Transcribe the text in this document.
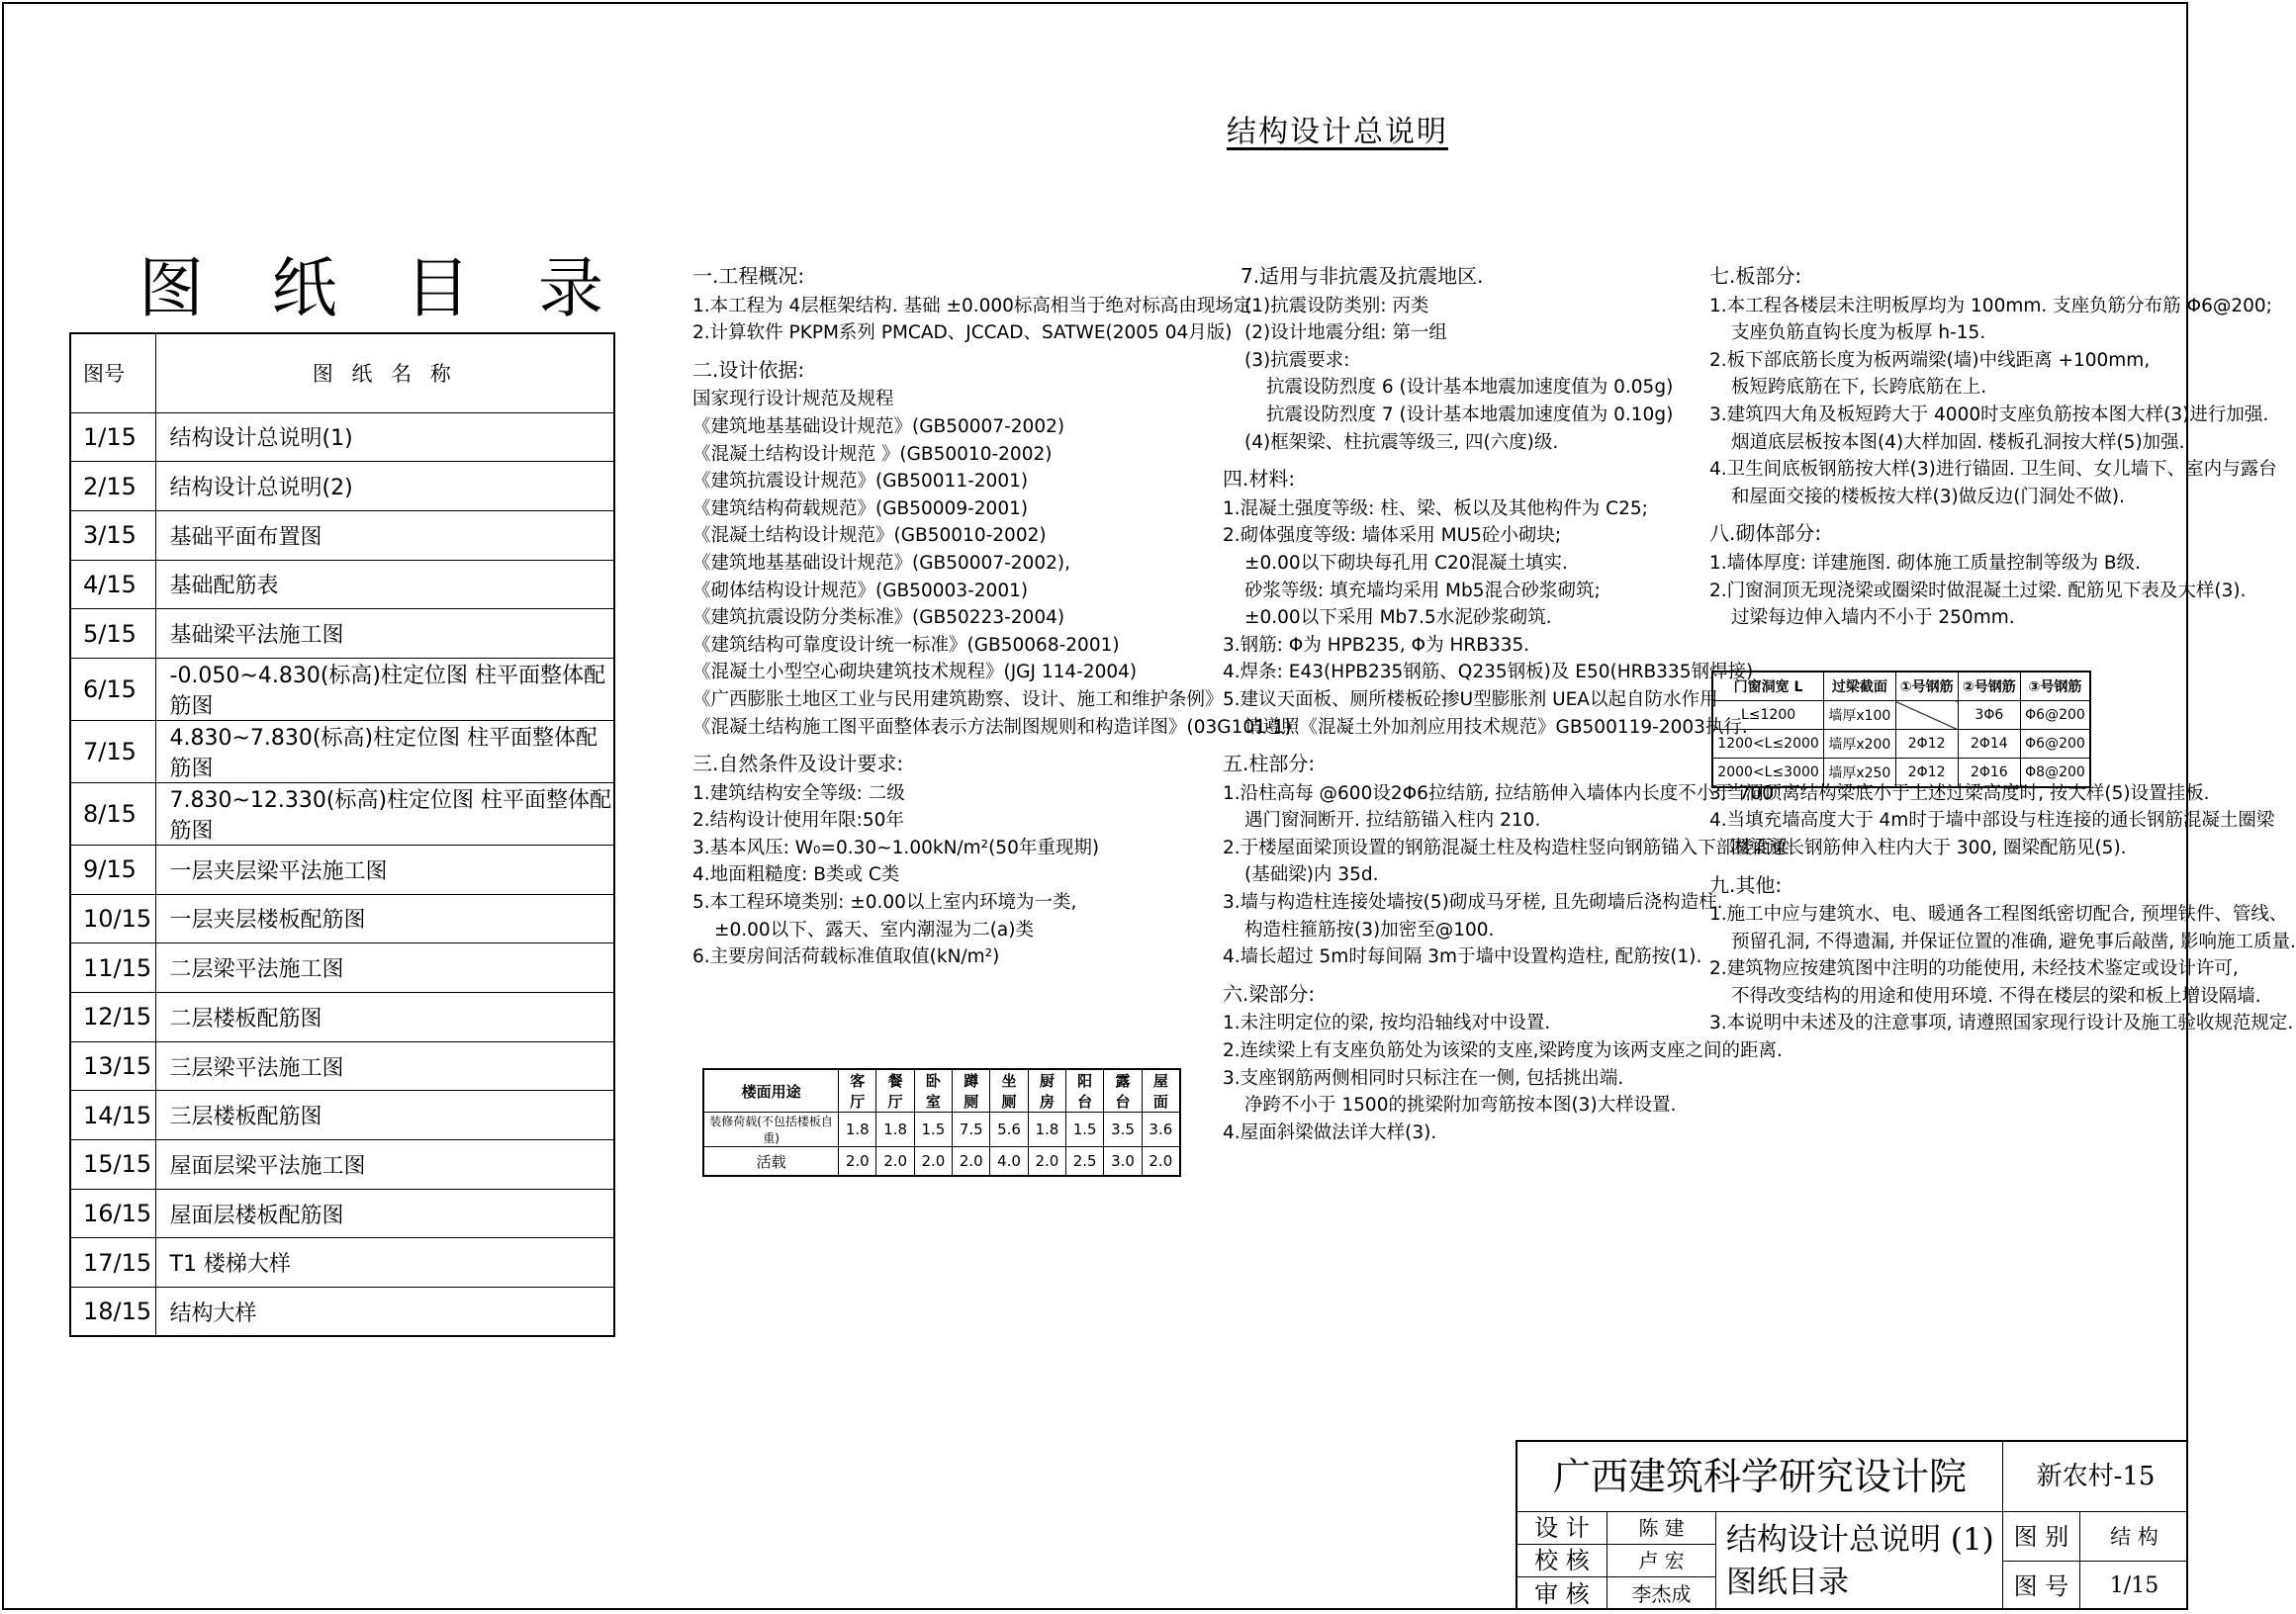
结构设计总说明
图 纸 目 录
图号	图 纸 名 称
1/15	结构设计总说明(1)
2/15	结构设计总说明(2)
3/15	基础平面布置图
4/15	基础配筋表
5/15	基础梁平法施工图
6/15	-0.050~4.830(标高)柱定位图 柱平面整体配筋图
7/15	4.830~7.830(标高)柱定位图 柱平面整体配筋图
8/15	7.830~12.330(标高)柱定位图 柱平面整体配筋图
9/15	一层夹层梁平法施工图
10/15	一层夹层楼板配筋图
11/15	二层梁平法施工图
12/15	二层楼板配筋图
13/15	三层梁平法施工图
14/15	三层楼板配筋图
15/15	屋面层梁平法施工图
16/15	屋面层楼板配筋图
17/15	T1 楼梯大样
18/15	结构大样
一.工程概况:
1.本工程为 4层框架结构. 基础 ±0.000标高相当于绝对标高由现场定.
2.计算软件 PKPM系列 PMCAD、JCCAD、SATWE(2005 04月版)
二.设计依据:
国家现行设计规范及规程
《建筑地基基础设计规范》(GB50007-2002)
《混凝土结构设计规范 》(GB50010-2002)
《建筑抗震设计规范》(GB50011-2001)
《建筑结构荷载规范》(GB50009-2001)
《混凝土结构设计规范》(GB50010-2002)
《建筑地基基础设计规范》(GB50007-2002),
《砌体结构设计规范》(GB50003-2001)
《建筑抗震设防分类标准》(GB50223-2004)
《建筑结构可靠度设计统一标准》(GB50068-2001)
《混凝土小型空心砌块建筑技术规程》(JGJ 114-2004)
《广西膨胀土地区工业与民用建筑勘察、设计、施工和维护条例》
《混凝土结构施工图平面整体表示方法制图规则和构造详图》(03G101-1)
三.自然条件及设计要求:
1.建筑结构安全等级: 二级
2.结构设计使用年限:50年
3.基本风压: W₀=0.30~1.00kN/m²(50年重现期)
4.地面粗糙度: B类或 C类
5.本工程环境类别: ±0.00以上室内环境为一类,
±0.00以下、露天、室内潮湿为二(a)类
6.主要房间活荷载标准值取值(kN/m²)
楼面用途	客厅	餐厅	卧室	蹲厕	坐厕	厨房	阳台	露台	屋面
装修荷载(不包括楼板自重)	1.8	1.8	1.5	7.5	5.6	1.8	1.5	3.5	3.6
活载	2.0	2.0	2.0	2.0	4.0	2.0	2.5	3.0	2.0
7.适用与非抗震及抗震地区.
(1)抗震设防类别: 丙类
(2)设计地震分组: 第一组
(3)抗震要求:
抗震设防烈度 6 (设计基本地震加速度值为 0.05g)
抗震设防烈度 7 (设计基本地震加速度值为 0.10g)
(4)框架梁、柱抗震等级三, 四(六度)级.
四.材料:
1.混凝土强度等级: 柱、梁、板以及其他构件为 C25;
2.砌体强度等级: 墙体采用 MU5砼小砌块;
±0.00以下砌块每孔用 C20混凝土填实.
砂浆等级: 填充墙均采用 Mb5混合砂浆砌筑;
±0.00以下采用 Mb7.5水泥砂浆砌筑.
3.钢筋: Φ为 HPB235, Φ为 HRB335.
4.焊条: E43(HPB235钢筋、Q235钢板)及 E50(HRB335钢焊接)
5.建议天面板、厕所楼板砼掺U型膨胀剂 UEA以起自防水作用
请遵照《混凝土外加剂应用技术规范》GB500119-2003执行.
五.柱部分:
1.沿柱高每 @600设2Φ6拉结筋, 拉结筋伸入墙体内长度不小于 700
遇门窗洞断开. 拉结筋锚入柱内 210.
2.于楼屋面梁顶设置的钢筋混凝土柱及构造柱竖向钢筋锚入下部楼面梁
(基础梁)内 35d.
3.墙与构造柱连接处墙按(5)砌成马牙槎, 且先砌墙后浇构造柱.
构造柱箍筋按(3)加密至@100.
4.墙长超过 5m时每间隔 3m于墙中设置构造柱, 配筋按(1).
六.梁部分:
1.未注明定位的梁, 按均沿轴线对中设置.
2.连续梁上有支座负筋处为该梁的支座,梁跨度为该两支座之间的距离.
3.支座钢筋两侧相同时只标注在一侧, 包括挑出端.
净跨不小于 1500的挑梁附加弯筋按本图(3)大样设置.
4.屋面斜梁做法详大样(3).
七.板部分:
1.本工程各楼层未注明板厚均为 100mm. 支座负筋分布筋 Φ6@200;
支座负筋直钩长度为板厚 h-15.
2.板下部底筋长度为板两端梁(墙)中线距离 +100mm,
板短跨底筋在下, 长跨底筋在上.
3.建筑四大角及板短跨大于 4000时支座负筋按本图大样(3)进行加强.
烟道底层板按本图(4)大样加固. 楼板孔洞按大样(5)加强.
4.卫生间底板钢筋按大样(3)进行锚固. 卫生间、女儿墙下、室内与露台
和屋面交接的楼板按大样(3)做反边(门洞处不做).
八.砌体部分:
1.墙体厚度: 详建施图. 砌体施工质量控制等级为 B级.
2.门窗洞顶无现浇梁或圈梁时做混凝土过梁. 配筋见下表及大样(3).
过梁每边伸入墙内不小于 250mm.
3.当洞顶离结构梁底小于上述过梁高度时, 按大样(5)设置挂板.
4.当填充墙高度大于 4m时于墙中部设与柱连接的通长钢筋混凝土圈梁
圈梁通长钢筋伸入柱内大于 300, 圈梁配筋见(5).
九.其他:
1.施工中应与建筑水、电、暖通各工程图纸密切配合, 预埋铁件、管线、
预留孔洞, 不得遗漏, 并保证位置的准确, 避免事后敲凿, 影响施工质量.
2.建筑物应按建筑图中注明的功能使用, 未经技术鉴定或设计许可,
不得改变结构的用途和使用环境. 不得在楼层的梁和板上增设隔墙.
3.本说明中未述及的注意事项, 请遵照国家现行设计及施工验收规范规定.
门窗洞宽 L	过梁截面	①号钢筋	②号钢筋	③号钢筋
L≤1200	墙厚x100		3Φ6	Φ6@200
1200<L≤2000	墙厚x200	2Φ12	2Φ14	Φ6@200
2000<L≤3000	墙厚x250	2Φ12	2Φ16	Φ8@200
广西建筑科学研究设计院	新农村-15
设 计	陈 建
校 核	卢 宏
审 核	李杰成
结构设计总说明 (1)
图纸目录
图 别	结 构
图 号	1/15
